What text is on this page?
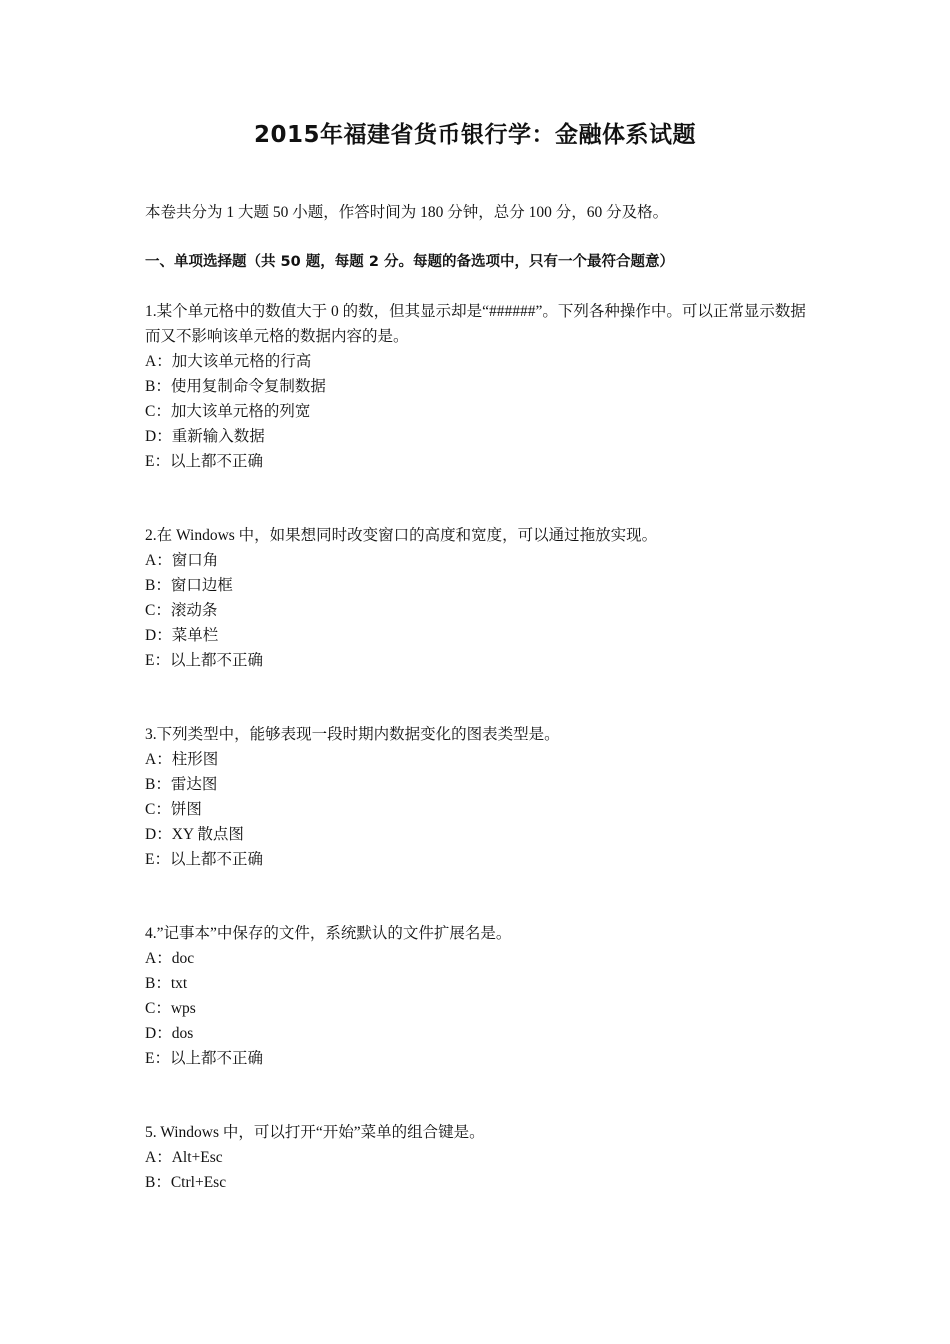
2015年福建省货币银行学：金融体系试题
本卷共分为 1 大题 50 小题，作答时间为 180 分钟，总分 100 分，60 分及格。
一、单项选择题（共 50 题，每题 2 分。每题的备选项中，只有一个最符合题意）

1.某个单元格中的数值大于 0 的数，但其显示却是“######”。下列各种操作中。可以正常显示数据而又不影响该单元格的数据内容的是。

A：加大该单元格的行高
B：使用复制命令复制数据
C：加大该单元格的列宽
D：重新输入数据
E：以上都不正确

2.在 Windows 中，如果想同时改变窗口的高度和宽度，可以通过拖放实现。

A：窗口角
B：窗口边框
C：滚动条
D：菜单栏
E：以上都不正确

3.下列类型中，能够表现一段时期内数据变化的图表类型是。

A：柱形图
B：雷达图
C：饼图
D：XY 散点图
E：以上都不正确

4.”记事本”中保存的文件，系统默认的文件扩展名是。

A：doc
B：txt
C：wps
D：dos
E：以上都不正确

5. Windows 中，可以打开“开始”菜单的组合键是。

A：Alt+Esc
B：Ctrl+Esc
